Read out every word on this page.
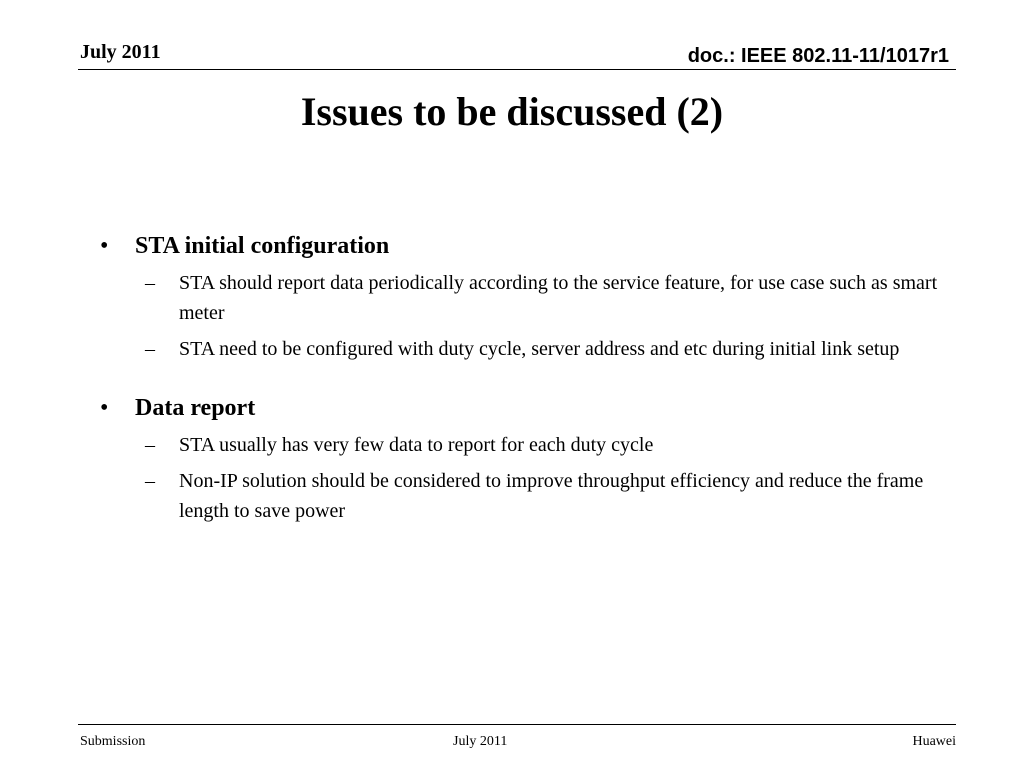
July 2011	doc.: IEEE 802.11-11/1017r1
Issues to be discussed (2)
•	STA initial configuration
–	STA should report data periodically according to the service feature, for use case such as smart meter
–	STA need to be configured with duty cycle, server address and etc during initial link setup
•	Data report
–	STA usually has very few data to report for each duty cycle
–	Non-IP solution should be considered to improve throughput efficiency and reduce the frame length to save power
Submission	July 2011	Huawei
